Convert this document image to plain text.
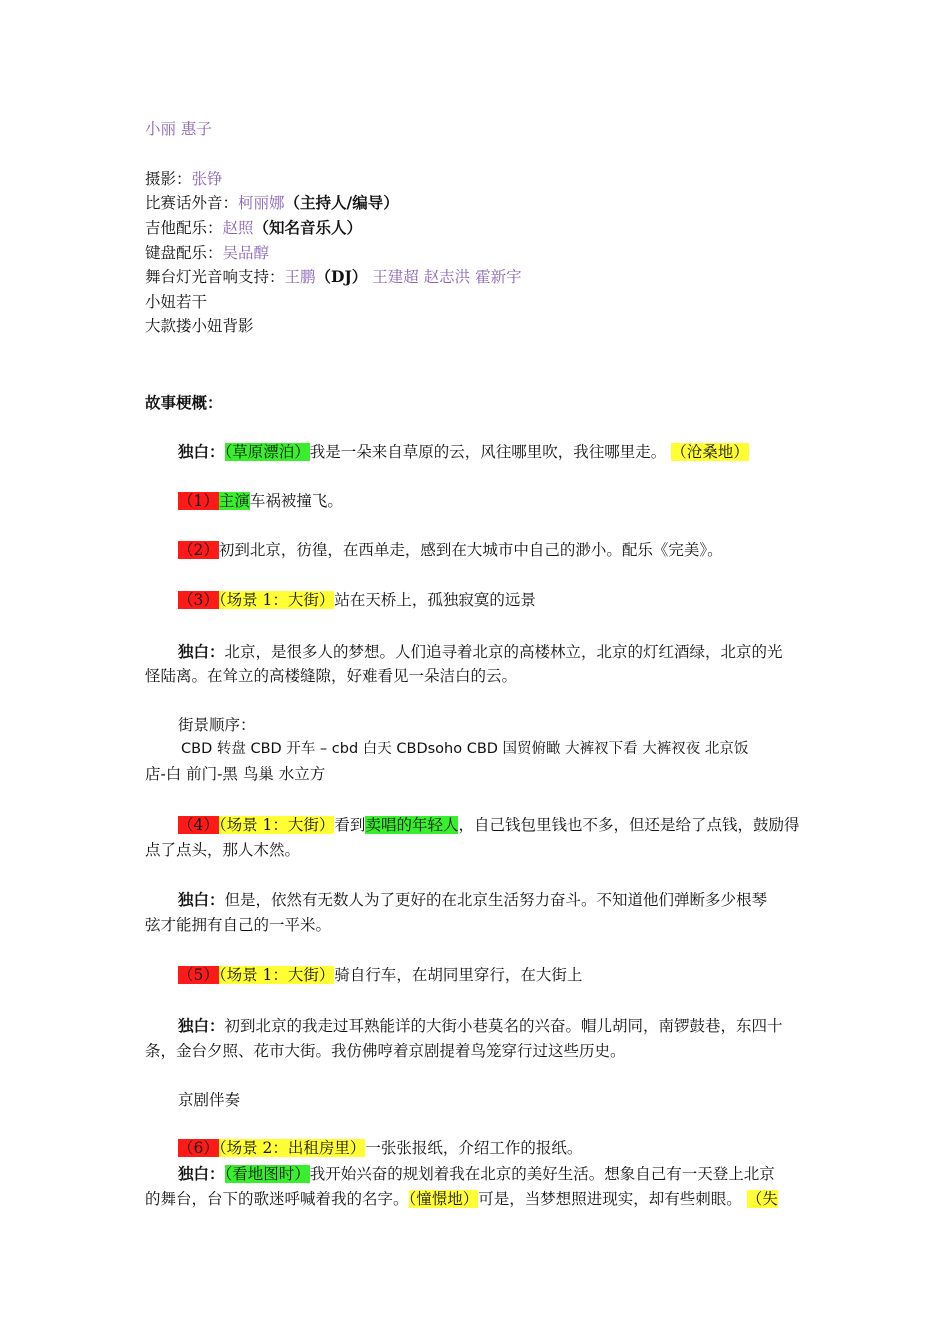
小丽 惠子
摄影：张铮
比赛话外音：柯丽娜（主持人/编导）
吉他配乐：赵照（知名音乐人）
键盘配乐：吴品醇
舞台灯光音响支持：王鹏（DJ） 王建超 赵志洪 霍新宇
小妞若干
大款搂小妞背影
故事梗概：
独白：（草原漂泊）我是一朵来自草原的云，风往哪里吹，我往哪里走。 （沧桑地）
（1）主演车祸被撞飞。
（2）初到北京，彷徨，在西单走，感到在大城市中自己的渺小。配乐《完美》。
（3）（场景 1：大街）站在天桥上，孤独寂寞的远景
独白：北京，是很多人的梦想。人们追寻着北京的高楼林立，北京的灯红酒绿，北京的光
怪陆离。在耸立的高楼缝隙，好难看见一朵洁白的云。
街景顺序：
CBD 转盘 CBD 开车 – cbd 白天 CBDsoho CBD 国贸俯瞰 大裤衩下看 大裤衩夜 北京饭
店-白 前门-黑 鸟巢 水立方
（4）（场景 1：大街）看到卖唱的年轻人，自己钱包里钱也不多，但还是给了点钱，鼓励得
点了点头，那人木然。
独白：但是，依然有无数人为了更好的在北京生活努力奋斗。不知道他们弹断多少根琴
弦才能拥有自己的一平米。
（5）（场景 1：大街）骑自行车，在胡同里穿行，在大街上
独白：初到北京的我走过耳熟能详的大街小巷莫名的兴奋。帽儿胡同，南锣鼓巷，东四十
条，金台夕照、花市大街。我仿佛哼着京剧提着鸟笼穿行过这些历史。
京剧伴奏
（6）（场景 2：出租房里）一张张报纸，介绍工作的报纸。
独白：（看地图时）我开始兴奋的规划着我在北京的美好生活。想象自己有一天登上北京
的舞台，台下的歌迷呼喊着我的名字。（憧憬地）可是，当梦想照进现实，却有些刺眼。 （失
